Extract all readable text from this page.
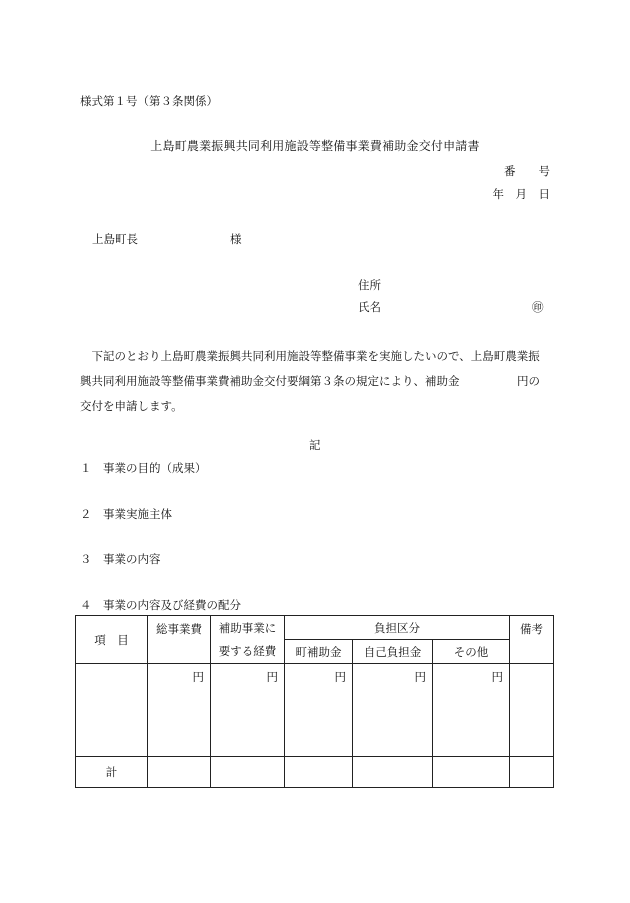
様式第１号（第３条関係）
上島町農業振興共同利用施設等整備事業費補助金交付申請書
番　　号
年　月　日
上島町長	様
住所
氏名	㊞
　下記のとおり上島町農業振興共同利用施設等整備事業を実施したいので、上島町農業振
興共同利用施設等整備事業費補助金交付要綱第３条の規定により、補助金　　　　　円の
交付を申請します。
記
１　事業の目的（成果）
２　事業実施主体
３　事業の内容
４　事業の内容及び経費の配分
項　目	総事業費	補助事業に	負担区分			備考
		要する経費	町補助金	自己負担金	その他	
	円	円	円	円	円	
計						
